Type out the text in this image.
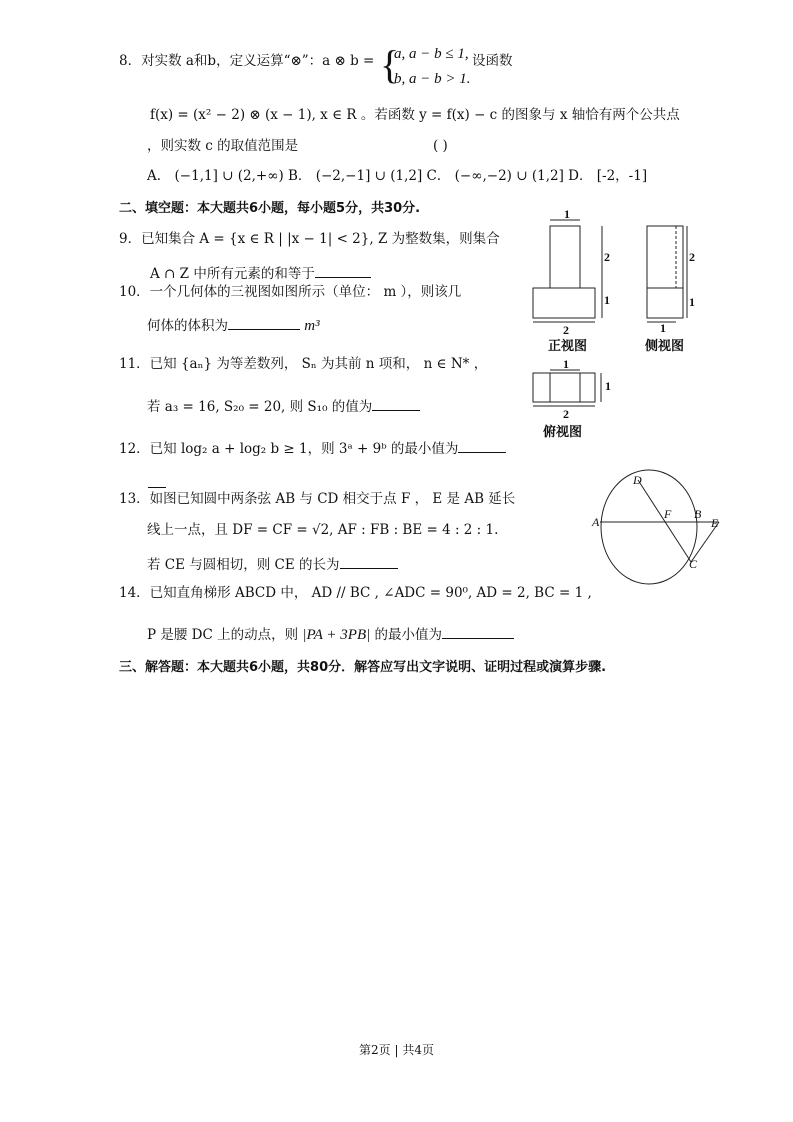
8．对实数 a和b，定义运算“⊗”：a ⊗ b = {
a, a − b ≤ 1,
b, a − b > 1.
设函数
f(x) = (x² − 2) ⊗ (x − 1), x ∈ R 。若函数 y = f(x) − c 的图象与 x 轴恰有两个公共点
，则实数 c 的取值范围是	( )
A． (−1,1] ∪ (2,+∞) B． (−2,−1] ∪ (1,2] C． (−∞,−2) ∪ (1,2] D． [-2，-1]
二、填空题：本大题共6小题，每小题5分，共30分.
9．已知集合 A = {x ∈ R | |x − 1| < 2}, Z 为整数集，则集合
A ∩ Z 中所有元素的和等于
10．一个几何体的三视图如图所示（单位： m ），则该几
何体的体积为	m³
11．已知 {aₙ} 为等差数列， Sₙ 为其前 n 项和， n ∈ N* ，
若 a₃ = 16, S₂₀ = 20, 则 S₁₀ 的值为
12．已知 log₂ a + log₂ b ≥ 1，则 3ᵃ + 9ᵇ 的最小值为
13．如图已知圆中两条弦 AB 与 CD 相交于点 F ， E 是 AB 延长
线上一点，且 DF = CF = √2, AF : FB : BE = 4 : 2 : 1.
若 CE 与圆相切，则 CE 的长为
14．已知直角梯形 ABCD 中， AD // BC , ∠ADC = 90⁰, AD = 2, BC = 1 ,
P 是腰 DC 上的动点，则 |PA + 3PB| 的最小值为
三、解答题：本大题共6小题，共80分．解答应写出文字说明、证明过程或演算步骤.
1
2
1
2
正视图
2
1
1
侧视图
1
1
2
俯视图
D
A
F B
E
C
第2页 | 共4页
